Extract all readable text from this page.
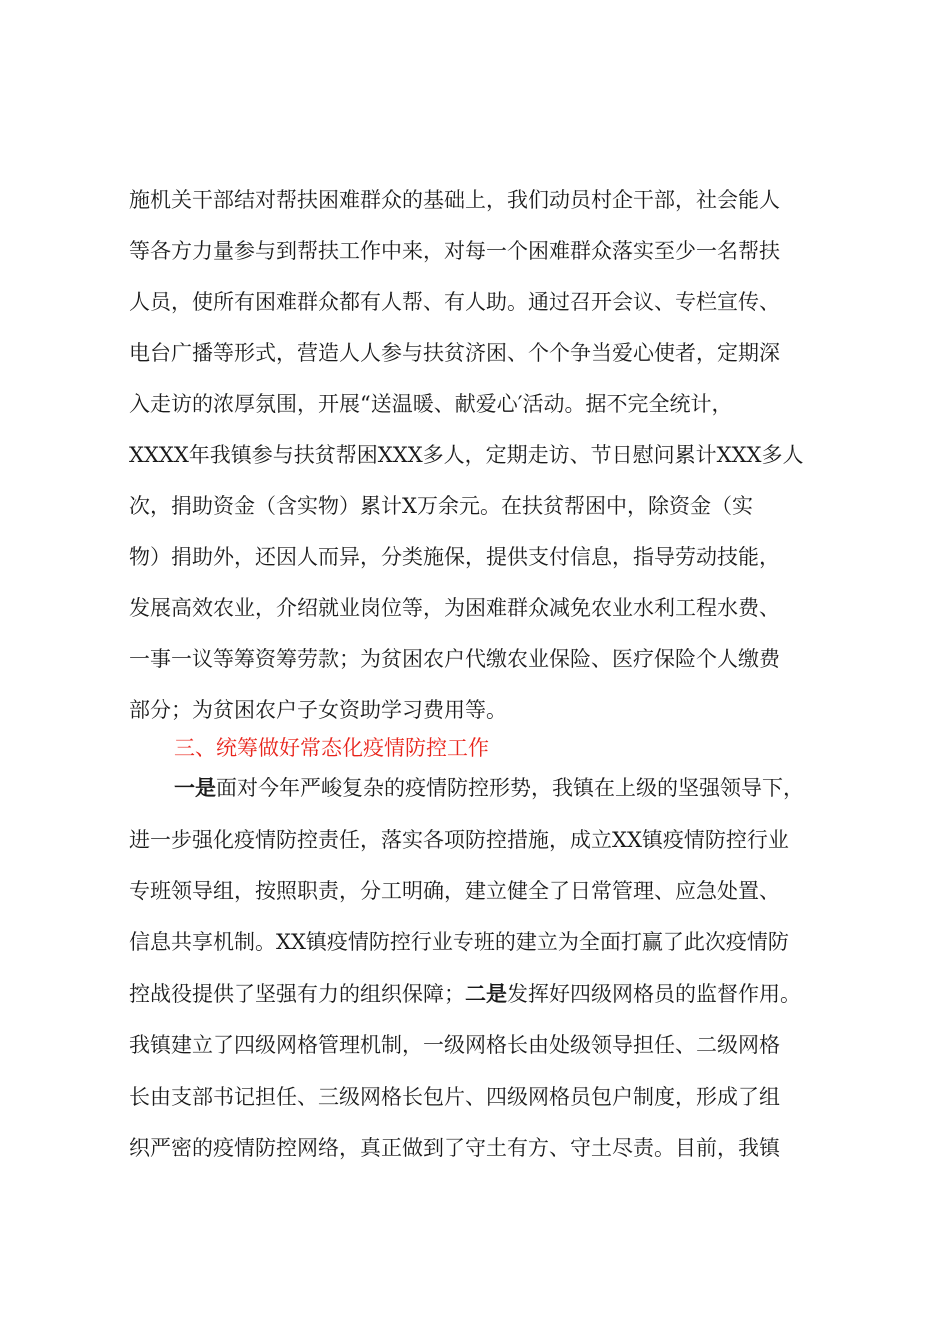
施机关干部结对帮扶困难群众的基础上，我们动员村企干部，社会能人
等各方力量参与到帮扶工作中来，对每一个困难群众落实至少一名帮扶
人员，使所有困难群众都有人帮、有人助。通过召开会议、专栏宣传、
电台广播等形式，营造人人参与扶贫济困、个个争当爱心使者，定期深
入走访的浓厚氛围，开展“送温暖、献爱心′活动。据不完全统计，
XXXX年我镇参与扶贫帮困XXX多人，定期走访、节日慰问累计XXX多人
次，捐助资金（含实物）累计X万余元。在扶贫帮困中，除资金（实
物）捐助外，还因人而异，分类施保，提供支付信息，指导劳动技能，
发展高效农业，介绍就业岗位等，为困难群众减免农业水利工程水费、
一事一议等筹资筹劳款；为贫困农户代缴农业保险、医疗保险个人缴费
部分；为贫困农户子女资助学习费用等。
三、统筹做好常态化疫情防控工作
一是面对今年严峻复杂的疫情防控形势，我镇在上级的坚强领导下，
进一步强化疫情防控责任，落实各项防控措施，成立XX镇疫情防控行业
专班领导组，按照职责，分工明确，建立健全了日常管理、应急处置、
信息共享机制。XX镇疫情防控行业专班的建立为全面打赢了此次疫情防
控战役提供了坚强有力的组织保障；二是发挥好四级网格员的监督作用。
我镇建立了四级网格管理机制，一级网格长由处级领导担任、二级网格
长由支部书记担任、三级网格长包片、四级网格员包户制度，形成了组
织严密的疫情防控网络，真正做到了守土有方、守土尽责。目前，我镇
